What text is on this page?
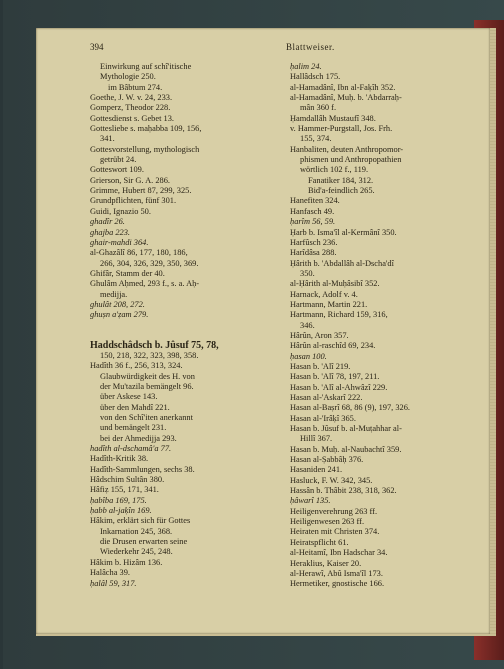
394	Blattweiser.
Einwirkung auf schî'itische
Mythologie 250.
im Bâbtum 274.
Goethe, J. W. v. 24, 233.
Gomperz, Theodor 228.
Gottesdienst s. Gebet 13.
Gottesliebe s. maḥabba 109, 156,
341.
Gottesvorstellung, mythologisch
getrübt 24.
Gotteswort 109.
Grierson, Sir G. A. 286.
Grimme, Hubert 87, 299, 325.
Grundpflichten, fünf 301.
Guidi, Ignazio 50.
ghadîr 26.
ghajba 223.
ghair-mahdi 364.
al-Ghazâlî 86, 177, 180, 186,
266, 304, 326, 329, 350, 369.
Ghifâr, Stamm der 40.
Ghulâm Aḥmed, 293 f., s. a. Aḥ-
medijja.
ghulât 208, 272.
ghuṣn a'ẓam 279.
Haddschâdsch b. Jûsuf 75, 78,
150, 218, 322, 323, 398, 358.
Hadîth 36 f., 256, 313, 324.
Glaubwürdigkeit des H. von
der Mu'tazila bemängelt 96.
über Askese 143.
über den Mahdî 221.
von den Schî'iten anerkannt
und bemängelt 231.
bei der Ahmedijja 293.
hadîth al-dschamâ'a 77.
Hadîth-Kritik 38.
Hadîth-Sammlungen, sechs 38.
Hâdschim Sultân 380.
Hâfiẓ 155, 171, 341.
ḥabîba 169, 175.
ḥabb al-jaḳîn 169.
Hâkim, erklärt sich für Gottes
Inkarnation 245, 368.
die Drusen erwarten seine
Wiederkehr 245, 248.
Hâkim b. Hizâm 136.
Halâcha 39.
ḥalâl 59, 317.
ḥalim 24.
Hallâdsch 175.
al-Hamadânî, Ibn al-Faḳîh 352.
al-Hamadânî, Muḥ. b. 'Abdarraḥ-
mân 360 f.
Ḥamdallâh Mustaufî 348.
v. Hammer-Purgstall, Jos. Frh.
155, 374.
Hanbaliten, deuten Anthropomor-
phismen und Anthropopathien
wörtlich 102 f., 119.
Fanatiker 184, 312.
Bid'a-feindlich 265.
Hanefiten 324.
Hanfasch 49.
ḥarîm 56, 59.
Ḥarb b. Isma'îl al-Kermânî 350.
Harfûsch 236.
Harîdâsa 288.
Ḥârith b. 'Abdallâh al-Dscha'dî
350.
al-Ḥârith al-Muḥâsibî 352.
Harnack, Adolf v. 4.
Hartmann, Martin 221.
Hartmann, Richard 159, 316,
346.
Hârûn, Aron 357.
Hârûn al-raschîd 69, 234.
ḥasan 100.
Hasan b. 'Alî 219.
Hasan b. 'Alî 78, 197, 211.
Hasan b. 'Alî al-Ahwâzî 229.
Hasan al-'Askarî 222.
Hasan al-Baṣrî 68, 86 (9), 197, 326.
Hasan al-'Irâḳî 365.
Hasan b. Jûsuf b. al-Muṭahhar al-
Hillî 367.
Hasan b. Muḥ. al-Naubachtî 359.
Hasan al-Ṣabbâḥ 376.
Hasaniden 241.
Hasluck, F. W. 342, 345.
Hassân b. Thâbit 238, 318, 362.
ḥâwarî 135.
Heiligenverehrung 263 ff.
Heiligenwesen 263 ff.
Heiraten mit Christen 374.
Heiratspflicht 61.
al-Heitamî, Ibn Hadschar 34.
Heraklius, Kaiser 20.
al-Herawî, Abû Isma'îl 173.
Hermetiker, gnostische 166.
